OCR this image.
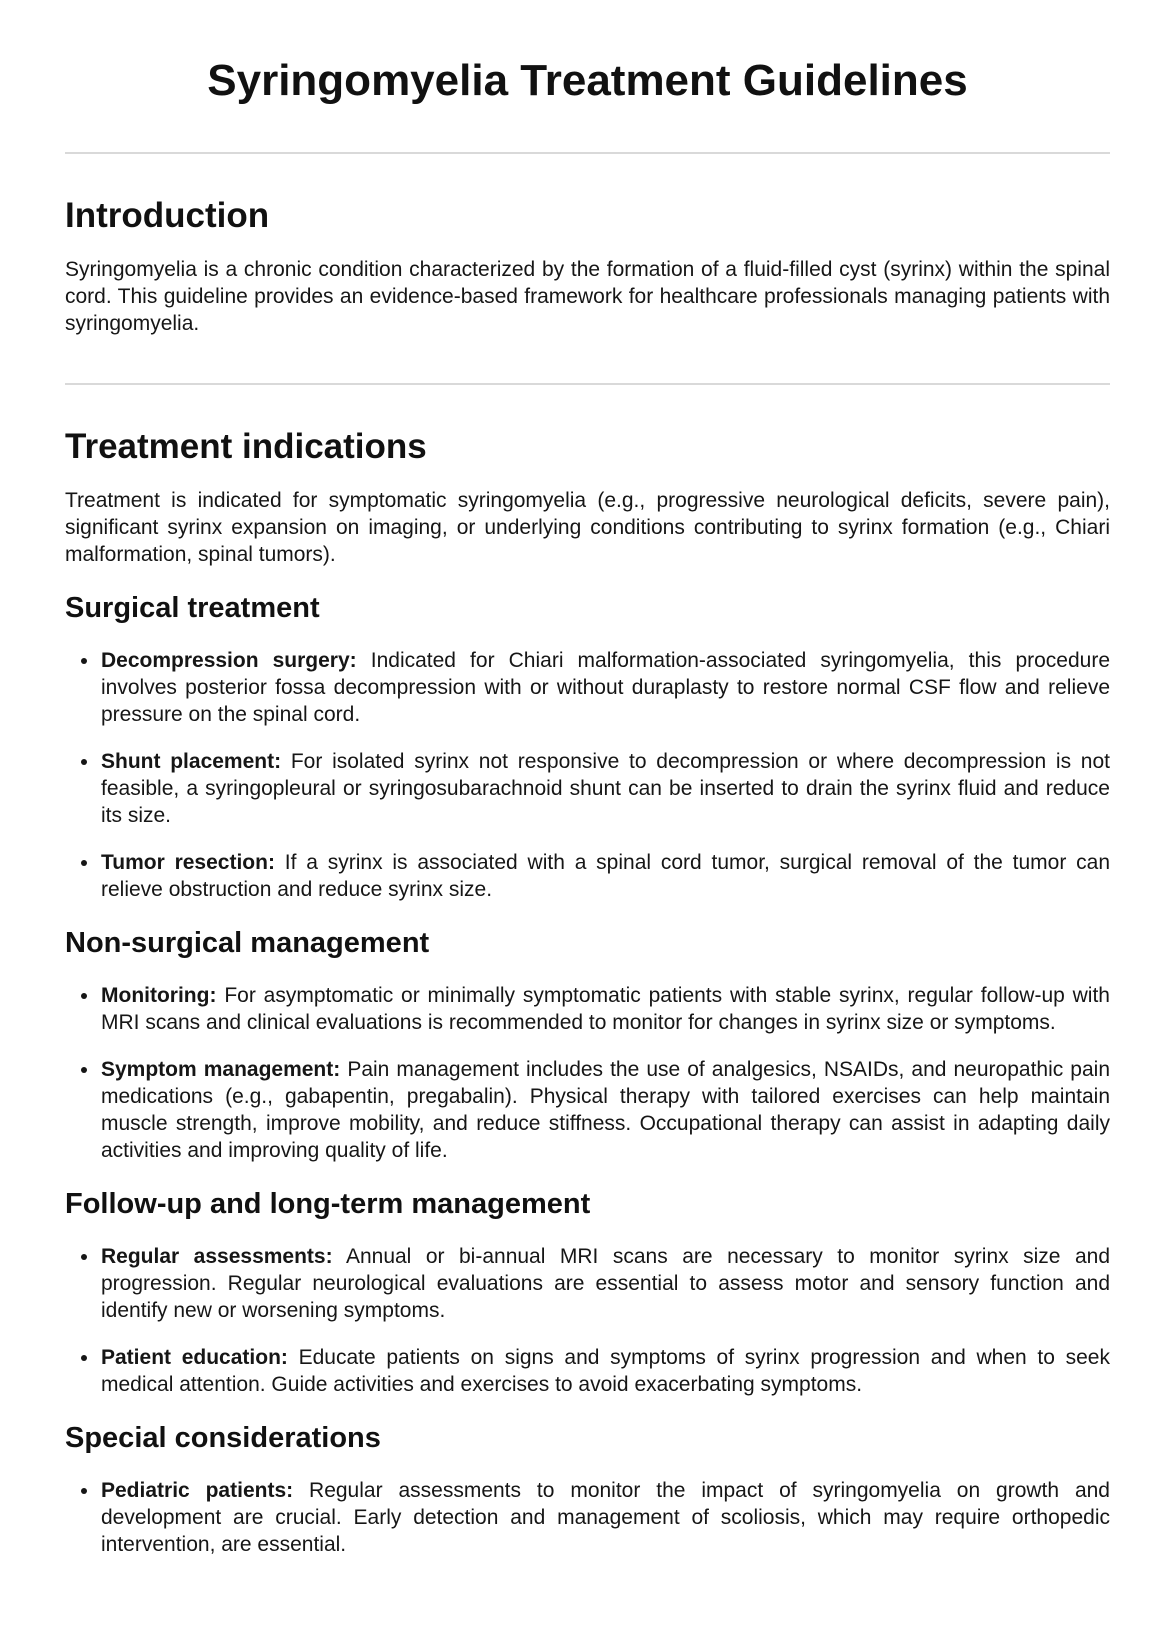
Syringomyelia Treatment Guidelines
Introduction

Syringomyelia is a chronic condition characterized by the formation of a fluid-filled cyst (syrinx) within the spinal cord. This guideline provides an evidence-based framework for healthcare professionals managing patients with syringomyelia.

Treatment indications

Treatment is indicated for symptomatic syringomyelia (e.g., progressive neurological deficits, severe pain), significant syrinx expansion on imaging, or underlying conditions contributing to syrinx formation (e.g., Chiari malformation, spinal tumors).

Surgical treatment
• Decompression surgery: Indicated for Chiari malformation-associated syringomyelia, this procedure involves posterior fossa decompression with or without duraplasty to restore normal CSF flow and relieve pressure on the spinal cord.
• Shunt placement: For isolated syrinx not responsive to decompression or where decompression is not feasible, a syringopleural or syringosubarachnoid shunt can be inserted to drain the syrinx fluid and reduce its size.
• Tumor resection: If a syrinx is associated with a spinal cord tumor, surgical removal of the tumor can relieve obstruction and reduce syrinx size.
Non-surgical management
• Monitoring: For asymptomatic or minimally symptomatic patients with stable syrinx, regular follow-up with MRI scans and clinical evaluations is recommended to monitor for changes in syrinx size or symptoms.
• Symptom management: Pain management includes the use of analgesics, NSAIDs, and neuropathic pain medications (e.g., gabapentin, pregabalin). Physical therapy with tailored exercises can help maintain muscle strength, improve mobility, and reduce stiffness. Occupational therapy can assist in adapting daily activities and improving quality of life.
Follow-up and long-term management
• Regular assessments: Annual or bi-annual MRI scans are necessary to monitor syrinx size and progression. Regular neurological evaluations are essential to assess motor and sensory function and identify new or worsening symptoms.
• Patient education: Educate patients on signs and symptoms of syrinx progression and when to seek medical attention. Guide activities and exercises to avoid exacerbating symptoms.
Special considerations
• Pediatric patients: Regular assessments to monitor the impact of syringomyelia on growth and development are crucial. Early detection and management of scoliosis, which may require orthopedic intervention, are essential.
